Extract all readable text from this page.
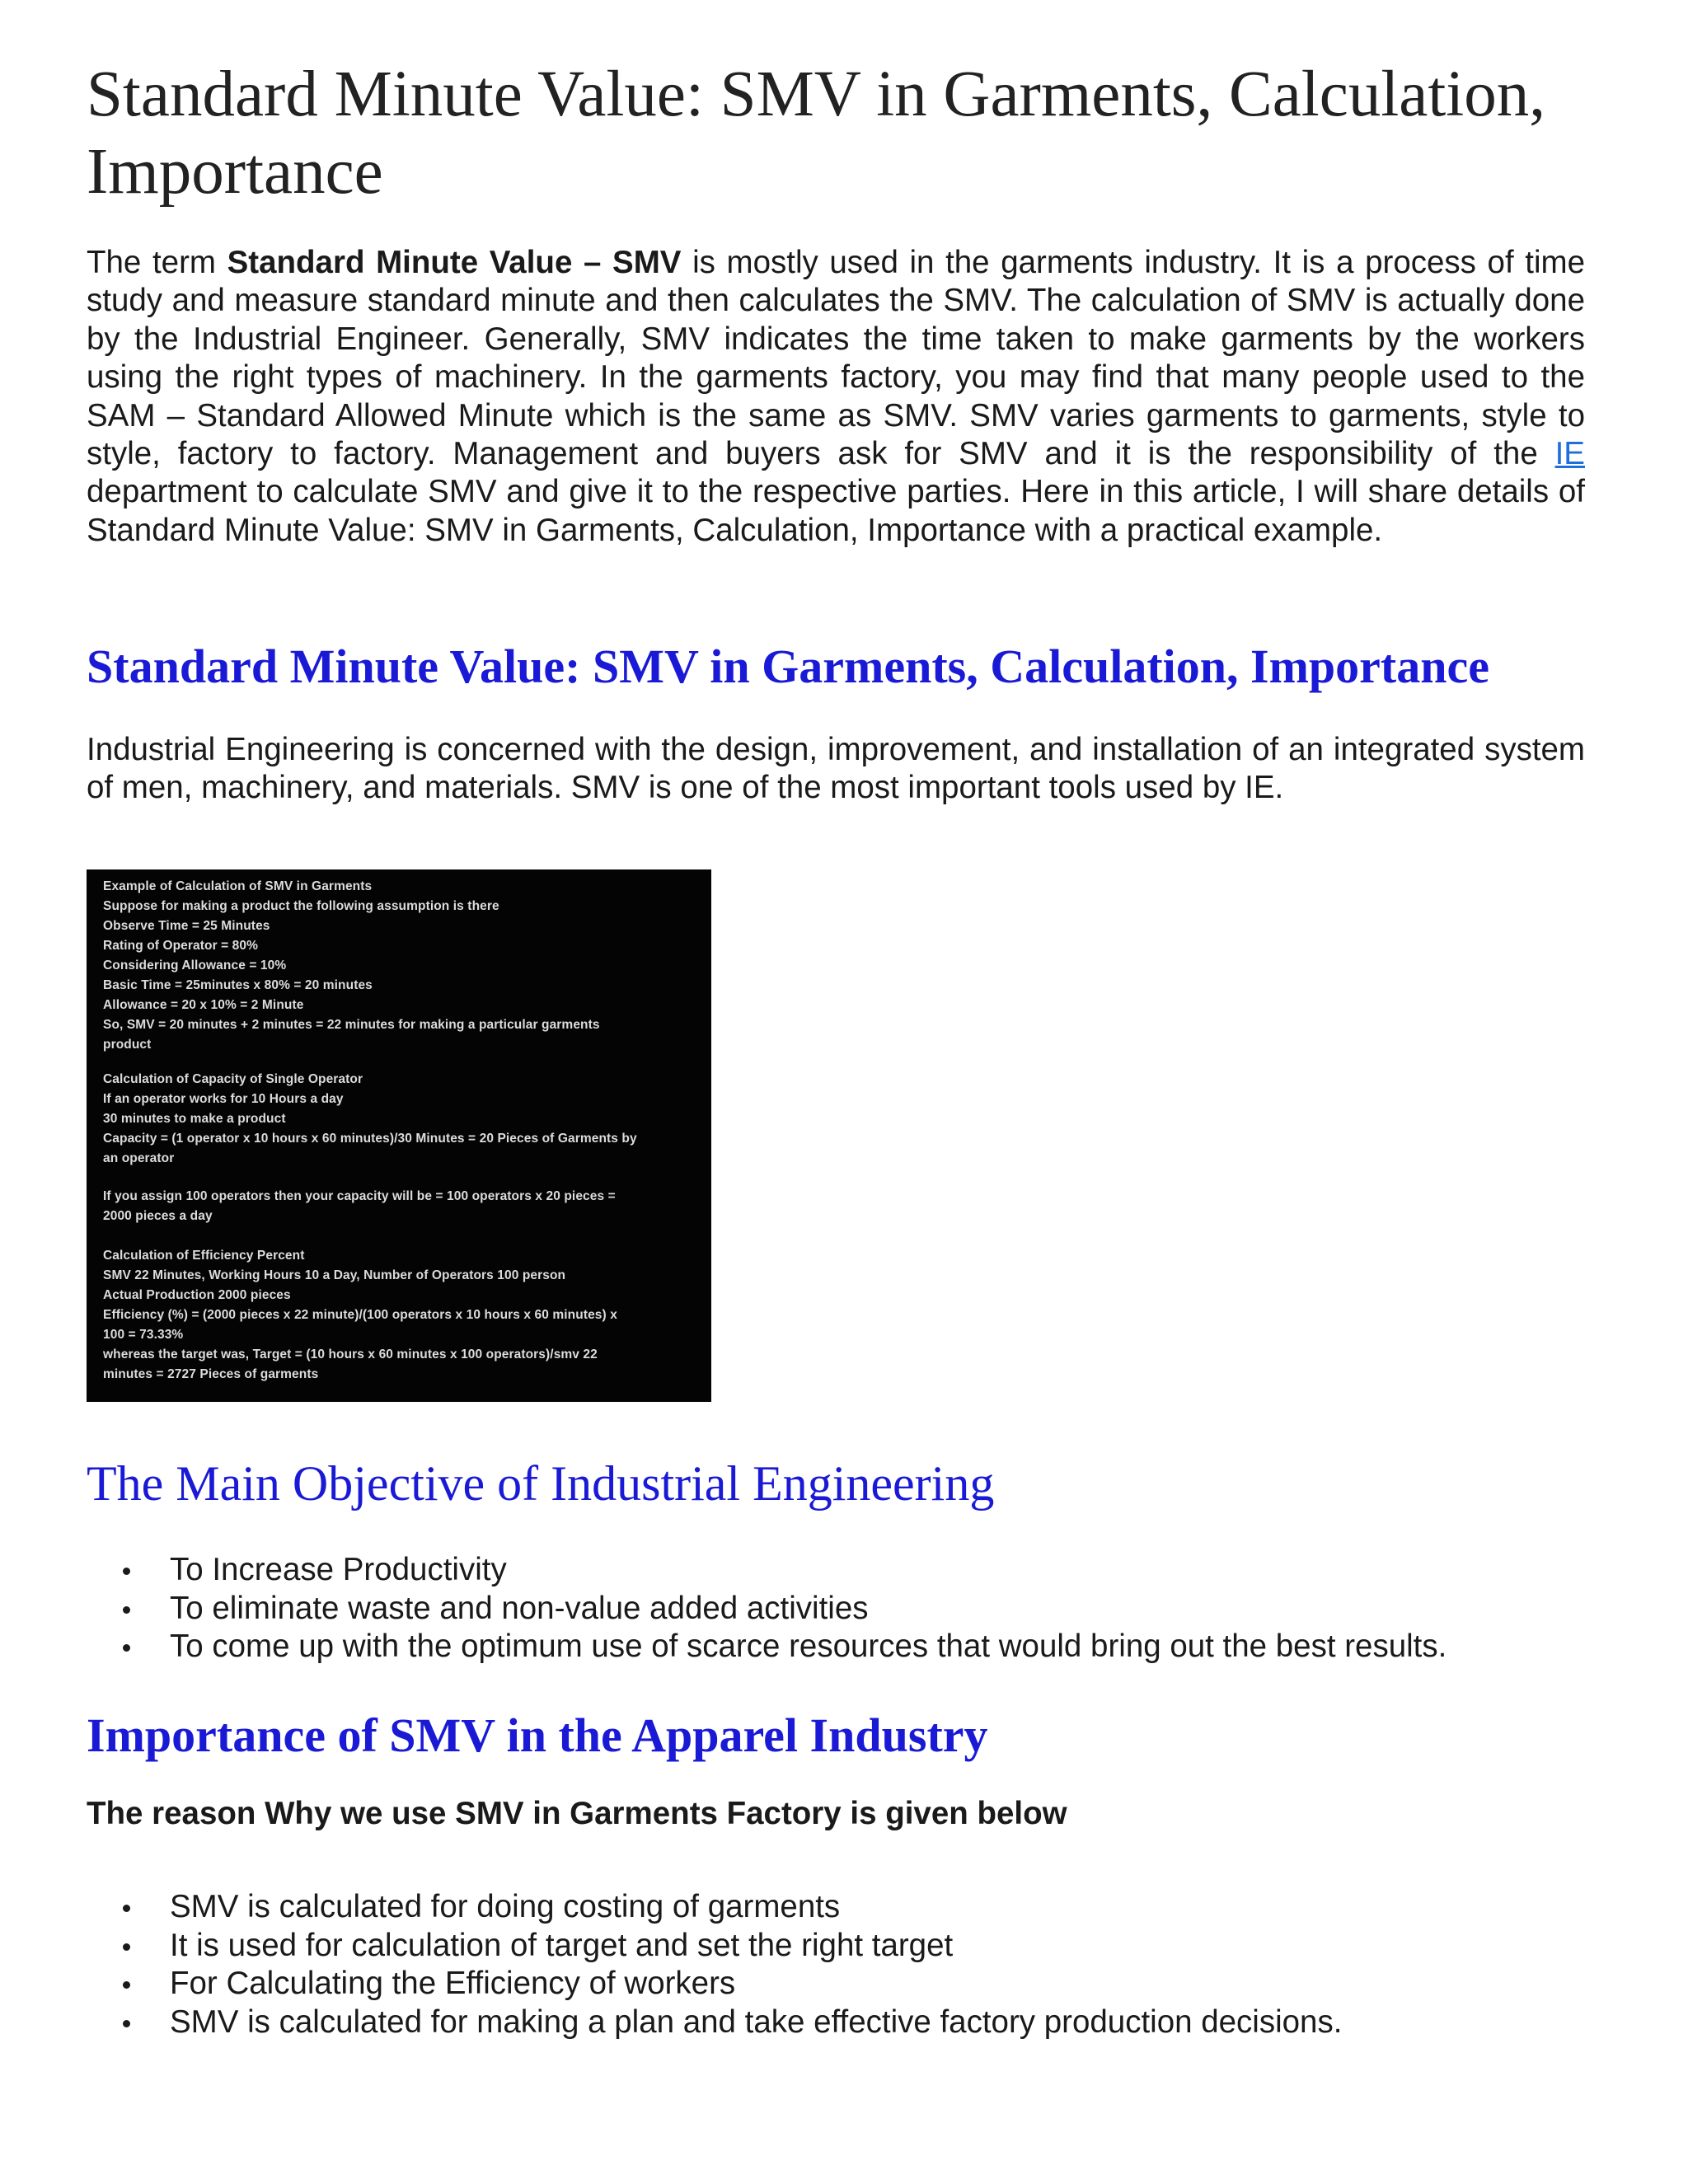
Standard Minute Value: SMV in Garments, Calculation, Importance

The term Standard Minute Value – SMV is mostly used in the garments industry. It is a process of time study and measure standard minute and then calculates the SMV. The calculation of SMV is actually done by the Industrial Engineer. Generally, SMV indicates the time taken to make garments by the workers using the right types of machinery. In the garments factory, you may find that many people used to the SAM – Standard Allowed Minute which is the same as SMV. SMV varies garments to garments, style to style, factory to factory. Management and buyers ask for SMV and it is the responsibility of the IE department to calculate SMV and give it to the respective parties. Here in this article, I will share details of Standard Minute Value: SMV in Garments, Calculation, Importance with a practical example.

Standard Minute Value: SMV in Garments, Calculation, Importance

Industrial Engineering is concerned with the design, improvement, and installation of an integrated system of men, machinery, and materials. SMV is one of the most important tools used by IE.

Example of Calculation of SMV in Garments
Suppose for making a product the following assumption is there
Observe Time = 25 Minutes
Rating of Operator = 80%
Considering Allowance = 10%
Basic Time = 25minutes x 80% = 20 minutes
Allowance = 20 x 10% = 2 Minute
So, SMV = 20 minutes + 2 minutes = 22 minutes for making a particular garments
product
Calculation of Capacity of Single Operator
If an operator works for 10 Hours a day
30 minutes to make a product
Capacity = (1 operator x 10 hours x 60 minutes)/30 Minutes = 20 Pieces of Garments by
an operator
If you assign 100 operators then your capacity will be = 100 operators x 20 pieces =
2000 pieces a day
Calculation of Efficiency Percent
SMV 22 Minutes, Working Hours 10 a Day, Number of Operators 100 person
Actual Production 2000 pieces
Efficiency (%) = (2000 pieces x 22 minute)/(100 operators x 10 hours x 60 minutes) x
100 = 73.33%
whereas the target was, Target = (10 hours x 60 minutes x 100 operators)/smv 22
minutes = 2727 Pieces of garments
The Main Objective of Industrial Engineering
To Increase Productivity
To eliminate waste and non-value added activities
To come up with the optimum use of scarce resources that would bring out the best results.
Importance of SMV in the Apparel Industry

The reason Why we use SMV in Garments Factory is given below

SMV is calculated for doing costing of garments
It is used for calculation of target and set the right target
For Calculating the Efficiency of workers
SMV is calculated for making a plan and take effective factory production decisions.
